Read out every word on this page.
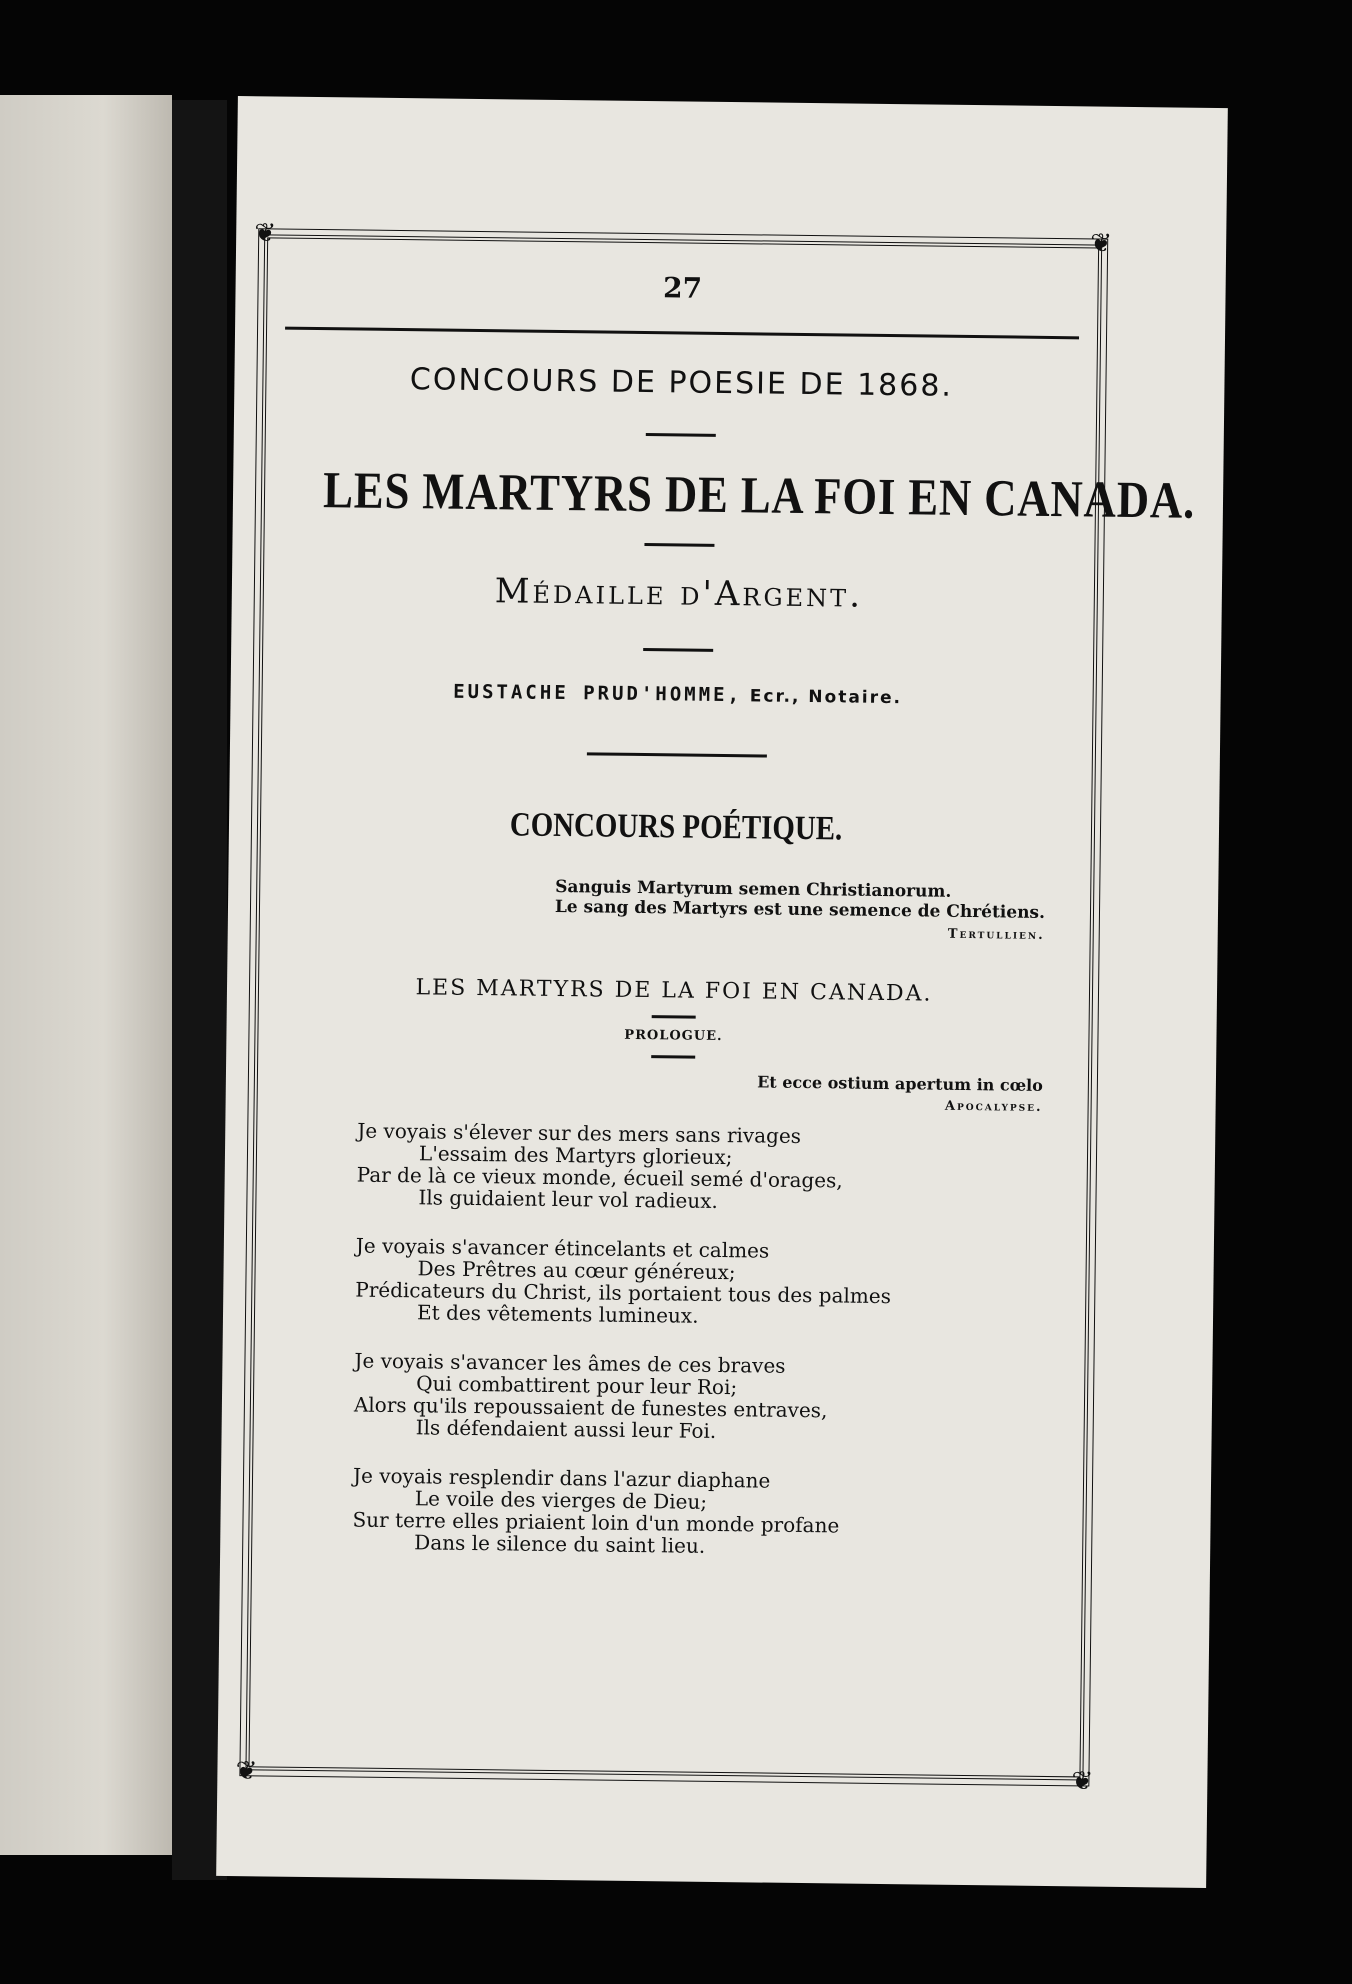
❦	❦
❦	❦
27
CONCOURS DE POESIE DE 1868.
LES MARTYRS DE LA FOI EN CANADA.
Médaille d'Argent.
EUSTACHE PRUD'HOMME, Ecr., Notaire.
CONCOURS POÉTIQUE.
Sanguis Martyrum semen Christianorum.
Le sang des Martyrs est une semence de Chrétiens.
Tertullien.
LES MARTYRS DE LA FOI EN CANADA.
PROLOGUE.
Et ecce ostium apertum in cœlo
Apocalypse.
Je voyais s'élever sur des mers sans rivages
L'essaim des Martyrs glorieux;
Par de là ce vieux monde, écueil semé d'orages,
Ils guidaient leur vol radieux.
Je voyais s'avancer étincelants et calmes
Des Prêtres au cœur généreux;
Prédicateurs du Christ, ils portaient tous des palmes
Et des vêtements lumineux.
Je voyais s'avancer les âmes de ces braves
Qui combattirent pour leur Roi;
Alors qu'ils repoussaient de funestes entraves,
Ils défendaient aussi leur Foi.
Je voyais resplendir dans l'azur diaphane
Le voile des vierges de Dieu;
Sur terre elles priaient loin d'un monde profane
Dans le silence du saint lieu.
